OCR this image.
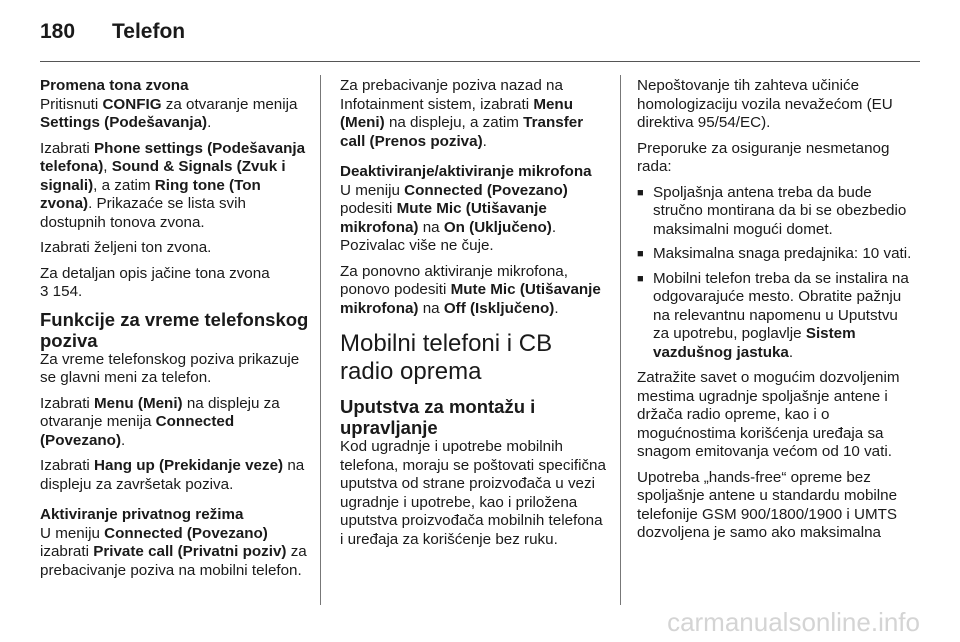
180 Telefon

Promena tona zvona

Pritisnuti CONFIG za otvaranje menija Settings (Podešavanja).

Izabrati Phone settings (Podešavanja telefona), Sound & Signals (Zvuk i signali), a zatim Ring tone (Ton zvona). Prikazaće se lista svih dostupnih tonova zvona.

Izabrati željeni ton zvona.

Za detaljan opis jačine tona zvona
3 154.

Funkcije za vreme telefonskog poziva

Za vreme telefonskog poziva prikazuje se glavni meni za telefon.

Izabrati Menu (Meni) na displeju za otvaranje menija Connected (Povezano).

Izabrati Hang up (Prekidanje veze) na displeju za završetak poziva.

Aktiviranje privatnog režima

U meniju Connected (Povezano) izabrati Private call (Privatni poziv) za prebacivanje poziva na mobilni telefon.

Za prebacivanje poziva nazad na Infotainment sistem, izabrati Menu (Meni) na displeju, a zatim Transfer call (Prenos poziva).

Deaktiviranje/aktiviranje mikrofona

U meniju Connected (Povezano) podesiti Mute Mic (Utišavanje mikrofona) na On (Uključeno). Pozivalac više ne čuje.

Za ponovno aktiviranje mikrofona, ponovo podesiti Mute Mic (Utišavanje mikrofona) na Off (Isključeno).

Mobilni telefoni i CB radio oprema

Uputstva za montažu i upravljanje

Kod ugradnje i upotrebe mobilnih telefona, moraju se poštovati specifična uputstva od strane proizvođača u vezi ugradnje i upotrebe, kao i priložena uputstva proizvođača mobilnih telefona i uređaja za korišćenje bez ruku.

Nepoštovanje tih zahteva učiniće homologizaciju vozila nevažećom (EU direktiva 95/54/EC).

Preporuke za osiguranje nesmetanog rada:

■ Spoljašnja antena treba da bude stručno montirana da bi se obezbedio maksimalni mogući domet.
■ Maksimalna snaga predajnika: 10 vati.
■ Mobilni telefon treba da se instalira na odgovarajuće mesto. Obratite pažnju na relevantnu napomenu u Uputstvu za upotrebu, poglavlje Sistem vazdušnog jastuka.

Zatražite savet o mogućim dozvoljenim mestima ugradnje spoljašnje antene i držača radio opreme, kao i o mogućnostima korišćenja uređaja sa snagom emitovanja većom od 10 vati.

Upotreba „hands-free“ opreme bez spoljašnje antene u standardu mobilne telefonije GSM 900/1800/1900 i UMTS dozvoljena je samo ako maksimalna

carmanualsonline.info
